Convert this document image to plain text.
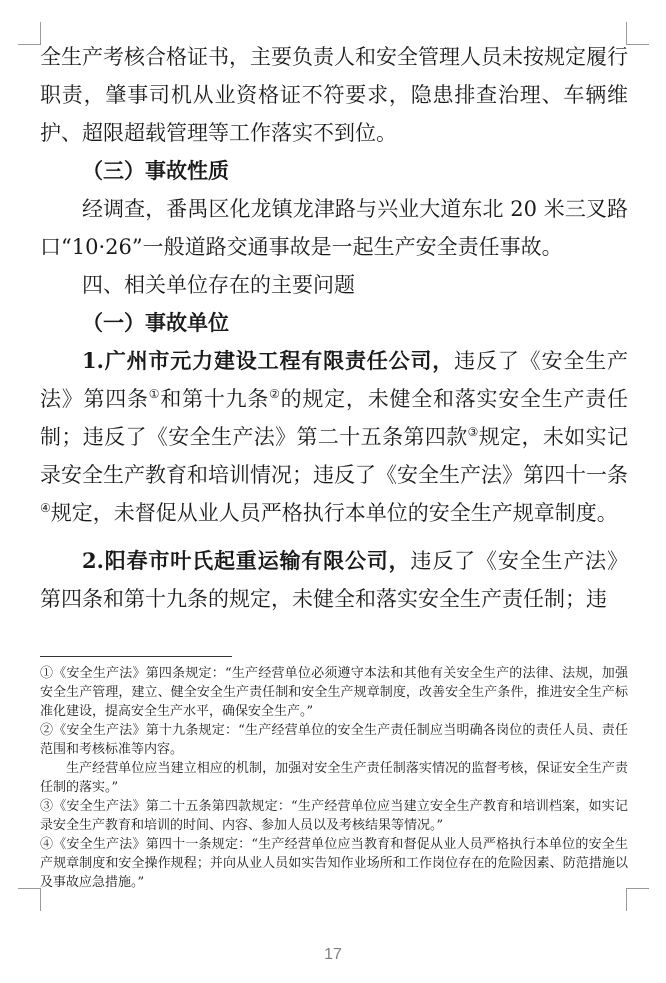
全生产考核合格证书，主要负责人和安全管理人员未按规定履行职责，肇事司机从业资格证不符要求，隐患排查治理、车辆维护、超限超载管理等工作落实不到位。

（三）事故性质

经调查，番禺区化龙镇龙津路与兴业大道东北 20 米三叉路口“10·26”一般道路交通事故是一起生产安全责任事故。

四、相关单位存在的主要问题

（一）事故单位

1.广州市元力建设工程有限责任公司，违反了《安全生产法》第四条①和第十九条②的规定，未健全和落实安全生产责任制；违反了《安全生产法》第二十五条第四款③规定，未如实记录安全生产教育和培训情况；违反了《安全生产法》第四十一条④规定，未督促从业人员严格执行本单位的安全生产规章制度。

2.阳春市叶氏起重运输有限公司，违反了《安全生产法》第四条和第十九条的规定，未健全和落实安全生产责任制；违

①《安全生产法》第四条规定：“生产经营单位必须遵守本法和其他有关安全生产的法律、法规，加强安全生产管理，建立、健全安全生产责任制和安全生产规章制度，改善安全生产条件，推进安全生产标准化建设，提高安全生产水平，确保安全生产。”

②《安全生产法》第十九条规定：“生产经营单位的安全生产责任制应当明确各岗位的责任人员、责任范围和考核标准等内容。

生产经营单位应当建立相应的机制，加强对安全生产责任制落实情况的监督考核，保证安全生产责任制的落实。”

③《安全生产法》第二十五条第四款规定：“生产经营单位应当建立安全生产教育和培训档案，如实记录安全生产教育和培训的时间、内容、参加人员以及考核结果等情况。”

④《安全生产法》第四十一条规定：“生产经营单位应当教育和督促从业人员严格执行本单位的安全生产规章制度和安全操作规程；并向从业人员如实告知作业场所和工作岗位存在的危险因素、防范措施以及事故应急措施。”

17
